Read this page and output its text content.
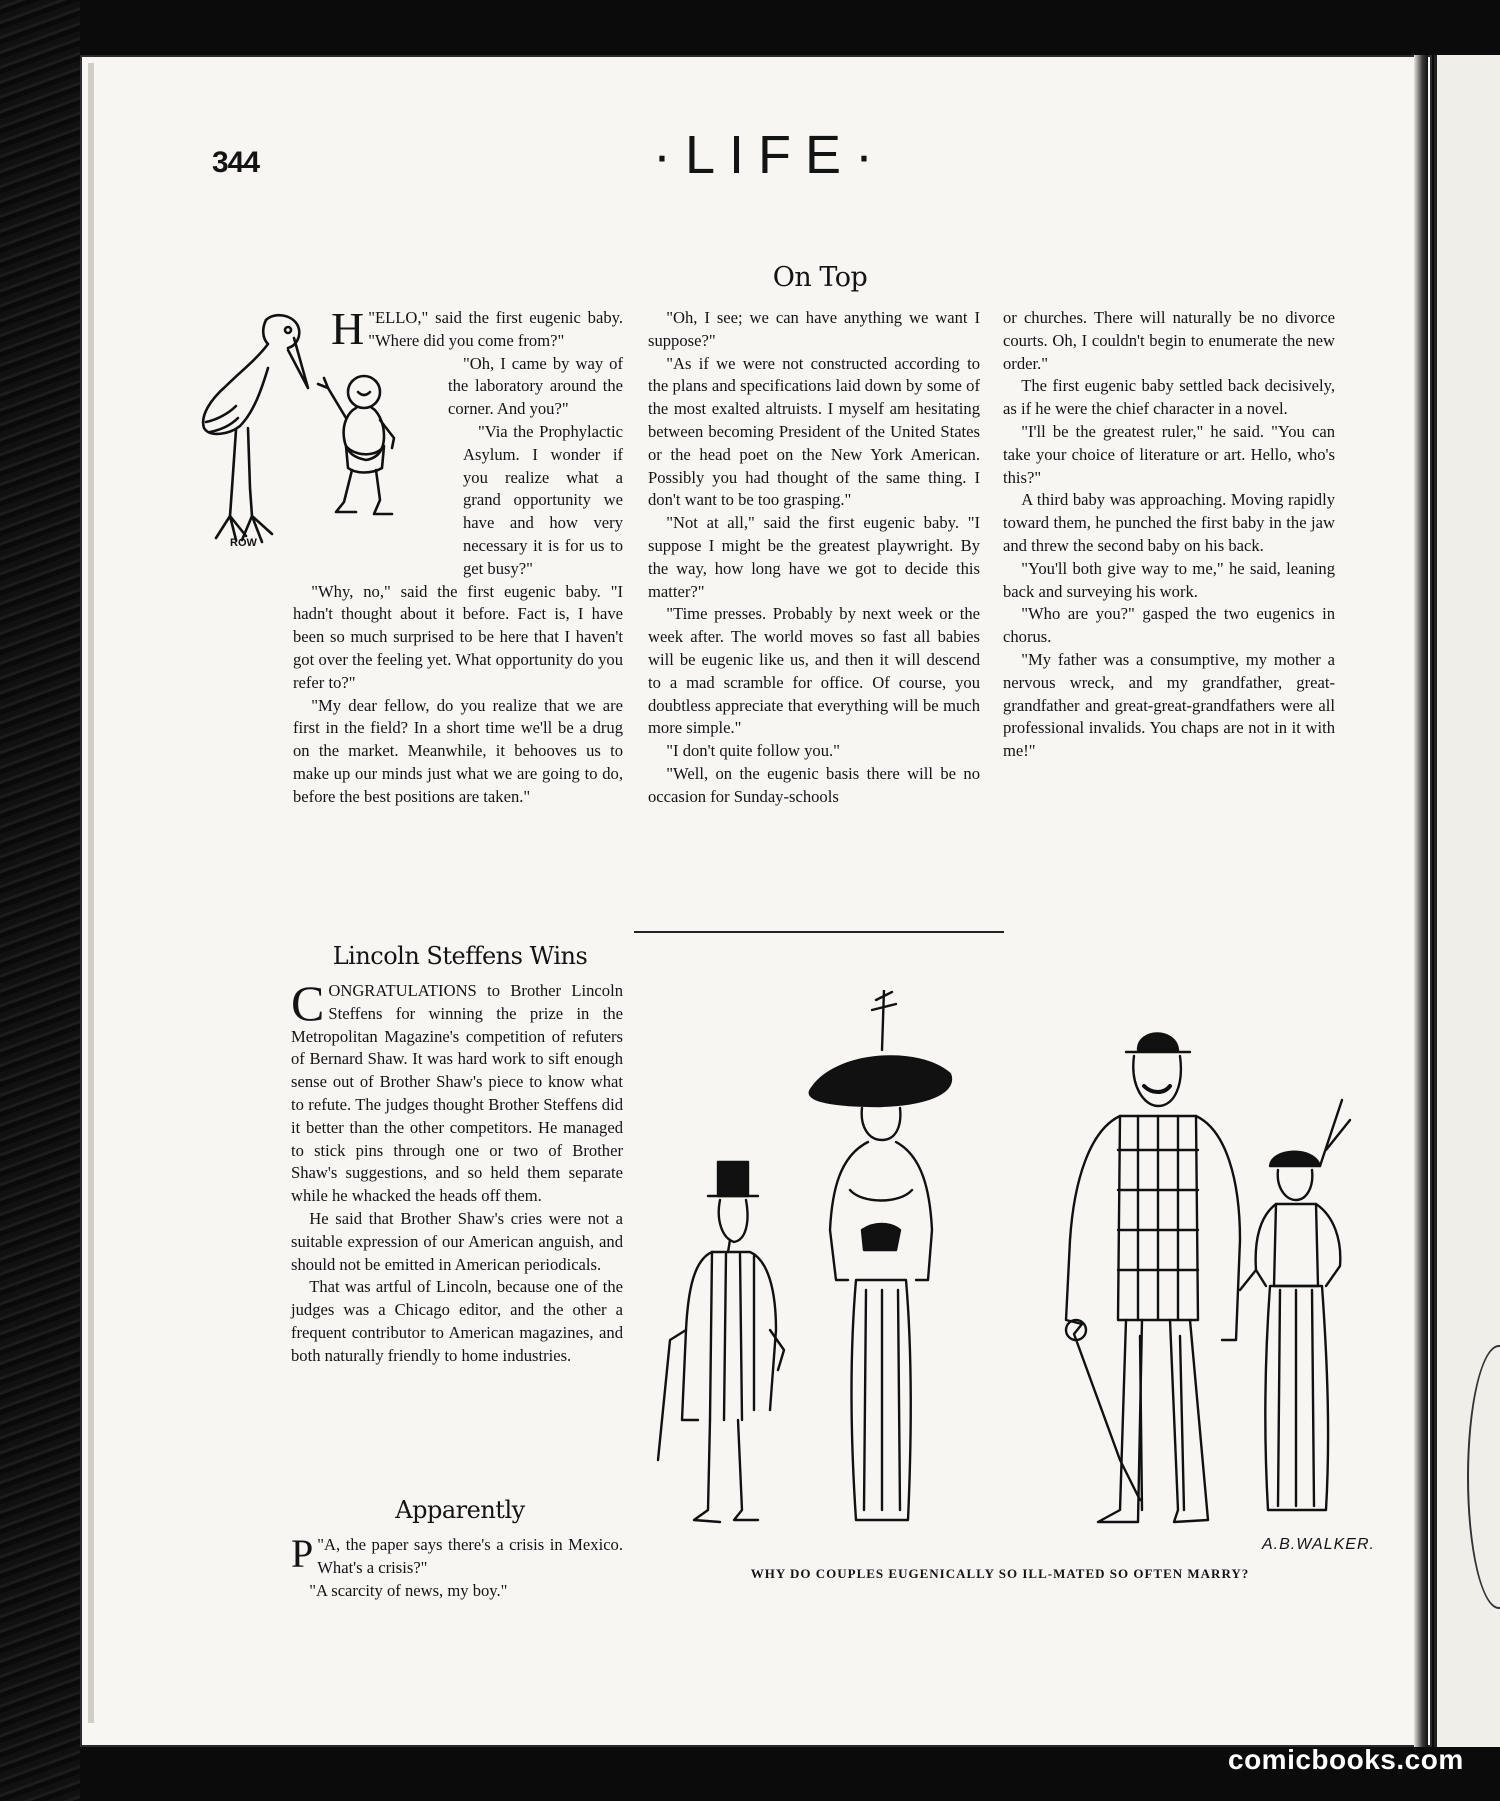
344	·LIFE·
On Top
ROW

"
H ELLO," said the first eugenic baby. "Where did you come from?"

"Oh, I came by way of the laboratory around the corner. And you?"

"Via the Prophylactic Asylum. I wonder if you realize what a grand opportunity we have and how very necessary it is for us to get busy?"

"Why, no," said the first eugenic baby. "I hadn't thought about it before. Fact is, I have been so much surprised to be here that I haven't got over the feeling yet. What opportunity do you refer to?"

"My dear fellow, do you realize that we are first in the field? In a short time we'll be a drug on the market. Meanwhile, it behooves us to make up our minds just what we are going to do, before the best positions are taken."

"Oh, I see; we can have anything we want I suppose?"

"As if we were not constructed according to the plans and specifications laid down by some of the most exalted altruists. I myself am hesitating between becoming President of the United States or the head poet on the New York American. Possibly you had thought of the same thing. I don't want to be too grasping."

"Not at all," said the first eugenic baby. "I suppose I might be the greatest playwright. By the way, how long have we got to decide this matter?"

"Time presses. Probably by next week or the week after. The world moves so fast all babies will be eugenic like us, and then it will descend to a mad scramble for office. Of course, you doubtless appreciate that everything will be much more simple."

"I don't quite follow you."

"Well, on the eugenic basis there will be no occasion for Sunday-schools

or churches. There will naturally be no divorce courts. Oh, I couldn't begin to enumerate the new order."

The first eugenic baby settled back decisively, as if he were the chief character in a novel.

"I'll be the greatest ruler," he said. "You can take your choice of literature or art. Hello, who's this?"

A third baby was approaching. Moving rapidly toward them, he punched the first baby in the jaw and threw the second baby on his back.

"You'll both give way to me," he said, leaning back and surveying his work.

"Who are you?" gasped the two eugenics in chorus.

"My father was a consumptive, my mother a nervous wreck, and my grandfather, great-grandfather and great-great-grandfathers were all professional invalids. You chaps are not in it with me!"

Lincoln Steffens Wins

CONGRATULATIONS to Brother Lincoln Steffens for winning the prize in the Metropolitan Magazine's competition of refuters of Bernard Shaw. It was hard work to sift enough sense out of Brother Shaw's piece to know what to refute. The judges thought Brother Steffens did it better than the other competitors. He managed to stick pins through one or two of Brother Shaw's suggestions, and so held them separate while he whacked the heads off them.

He said that Brother Shaw's cries were not a suitable expression of our American anguish, and should not be emitted in American periodicals.

That was artful of Lincoln, because one of the judges was a Chicago editor, and the other a frequent contributor to American magazines, and both naturally friendly to home industries.

Apparently

"
P A, the paper says there's a crisis in Mexico. What's a crisis?"

"A scarcity of news, my boy."

A.B.WALKER.
WHY DO COUPLES EUGENICALLY SO ILL-MATED SO OFTEN MARRY?
comicbooks.com
